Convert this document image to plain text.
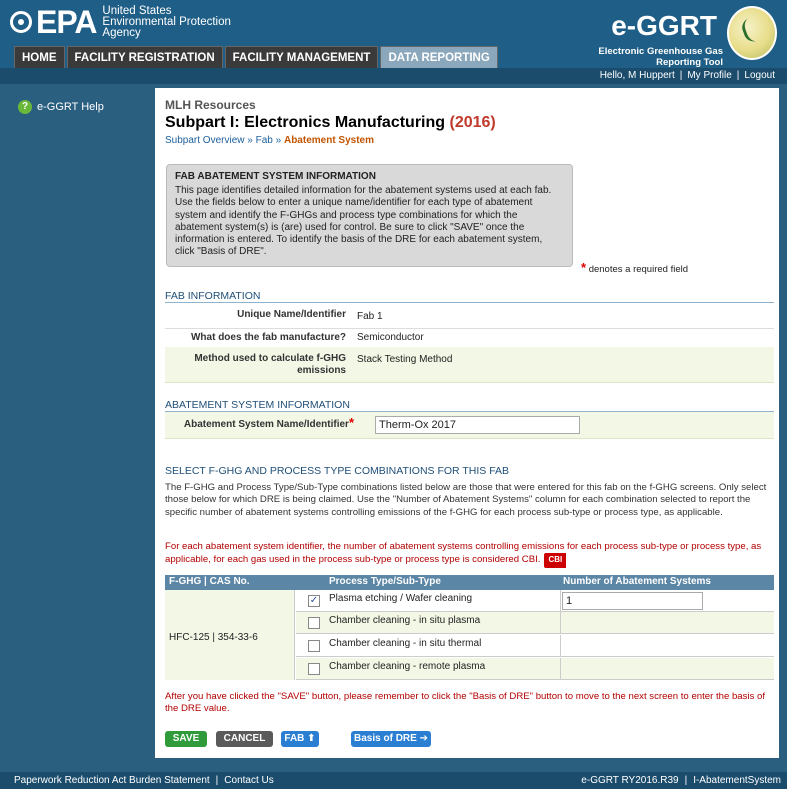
EPA United States
Environmental Protection
Agency	e-GGRT
Electronic Greenhouse Gas
Reporting Tool
HOME	FACILITY REGISTRATION	FACILITY MANAGEMENT	DATA REPORTING
Hello, M Huppert | My Profile | Logout
? e-GGRT Help	MLH Resources
Subpart I: Electronics Manufacturing (2016)
Subpart Overview » Fab » Abatement System
FAB ABATEMENT SYSTEM INFORMATION
This page identifies detailed information for the abatement systems used at each fab. Use the fields below to enter a unique name/identifier for each type of abatement system and identify the F-GHGs and process type combinations for which the abatement system(s) is (are) used for control. Be sure to click "SAVE" once the information is entered. To identify the basis of the DRE for each abatement system, click "Basis of DRE".
* denotes a required field
FAB INFORMATION
Unique Name/Identifier Fab 1
What does the fab manufacture? Semiconductor
Method used to calculate f-GHG emissions
Stack Testing Method
ABATEMENT SYSTEM INFORMATION
Abatement System Name/Identifier*	Therm-Ox 2017
SELECT F-GHG AND PROCESS TYPE COMBINATIONS FOR THIS FAB
The F-GHG and Process Type/Sub-Type combinations listed below are those that were entered for this fab on the f-GHG screens. Only select those below for which DRE is being claimed. Use the "Number of Abatement Systems" column for each combination selected to report the specific number of abatement systems controlling emissions of the f-GHG for each process sub-type or process type, as applicable.
For each abatement system identifier, the number of abatement systems controlling emissions for each process sub-type or process type, as applicable, for each gas used in the process sub-type or process type is considered CBI. CBI
F-GHG | CAS No.	Process Type/Sub-Type	Number of Abatement Systems
HFC-125 | 354-33-6
✓ Plasma etching / Wafer cleaning	1
Chamber cleaning - in situ plasma
Chamber cleaning - in situ thermal
Chamber cleaning - remote plasma
After you have clicked the "SAVE" button, please remember to click the "Basis of DRE" button to move to the next screen to enter the basis of the DRE value.
SAVE	CANCEL	FAB ⬆	Basis of DRE ➔
Paperwork Reduction Act Burden Statement | Contact Us	e-GGRT RY2016.R39 | I-AbatementSystem
